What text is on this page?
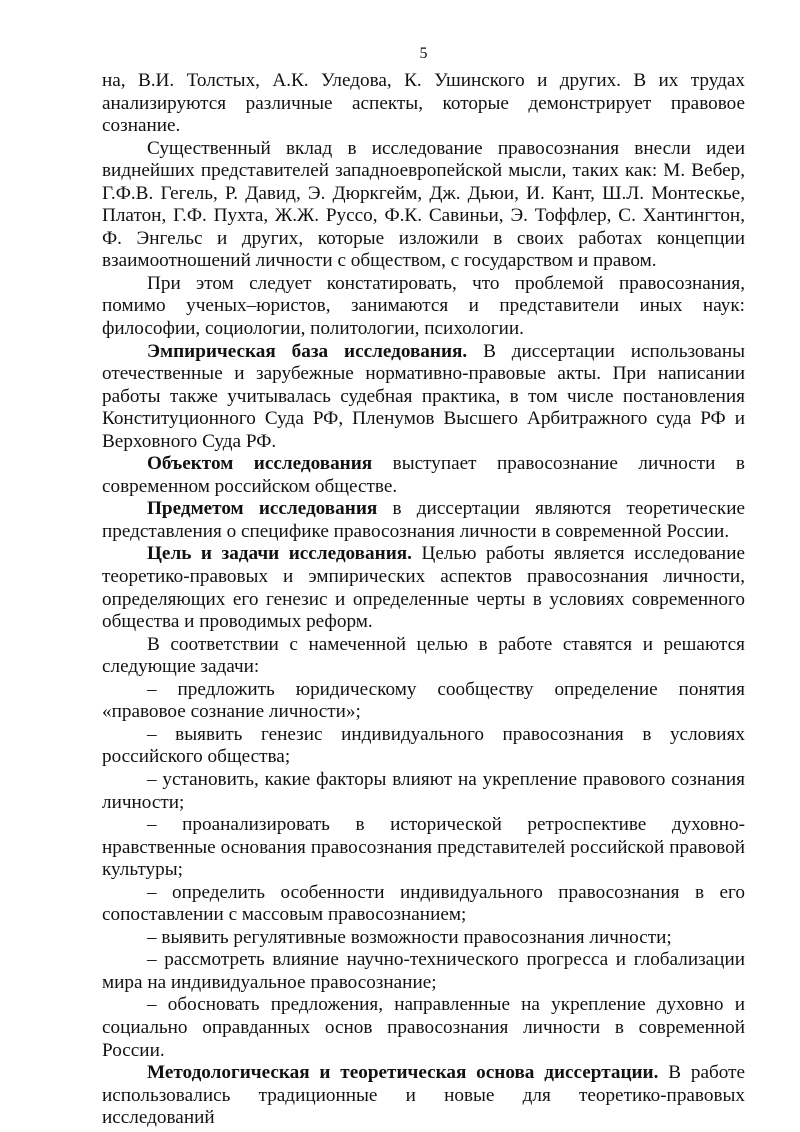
5

на, В.И. Толстых, А.К. Уледова, К. Ушинского и других. В их трудах анализируются различные аспекты, которые демонстрирует правовое сознание.

Существенный вклад в исследование правосознания внесли идеи виднейших представителей западноевропейской мысли, таких как: М. Вебер, Г.Ф.В. Гегель, Р. Давид, Э. Дюркгейм, Дж. Дьюи, И. Кант, Ш.Л. Монтескье, Платон, Г.Ф. Пухта, Ж.Ж. Руссо, Ф.К. Савиньи, Э. Тоффлер, С. Хантингтон, Ф. Энгельс и других, которые изложили в своих работах концепции взаимоотношений личности с обществом, с государством и правом.

При этом следует констатировать, что проблемой правосознания, помимо ученых–юристов, занимаются и представители иных наук: философии, социологии, политологии, психологии.

Эмпирическая база исследования. В диссертации использованы отечественные и зарубежные нормативно-правовые акты. При написании работы также учитывалась судебная практика, в том числе постановления Конституционного Суда РФ, Пленумов Высшего Арбитражного суда РФ и Верховного Суда РФ.

Объектом исследования выступает правосознание личности в современном российском обществе.

Предметом исследования в диссертации являются теоретические представления о специфике правосознания личности в современной России.

Цель и задачи исследования. Целью работы является исследование теоретико-правовых и эмпирических аспектов правосознания личности, определяющих его генезис и определенные черты в условиях современного общества и проводимых реформ.

В соответствии с намеченной целью в работе ставятся и решаются следующие задачи:

– предложить юридическому сообществу определение понятия «правовое сознание личности»;

– выявить генезис индивидуального правосознания в условиях российского общества;

– установить, какие факторы влияют на укрепление правового сознания личности;

– проанализировать в исторической ретроспективе духовно-нравственные основания правосознания представителей российской правовой культуры;

– определить особенности индивидуального правосознания в его сопоставлении с массовым правосознанием;

– выявить регулятивные возможности правосознания личности;

– рассмотреть влияние научно-технического прогресса и глобализации мира на индивидуальное правосознание;

– обосновать предложения, направленные на укрепление духовно и социально оправданных основ правосознания личности в современной России.

Методологическая и теоретическая основа диссертации. В работе использовались традиционные и новые для теоретико-правовых исследований
